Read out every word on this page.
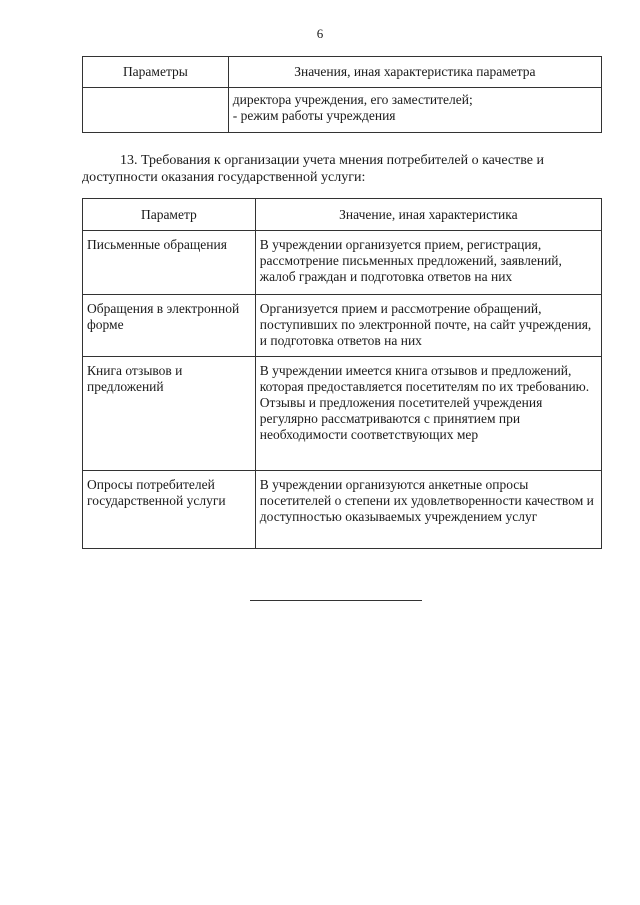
6
Параметры	Значения, иная характеристика параметра

	директора учреждения, его заместителей;
- режим работы учреждения
13. Требования к организации учета мнения потребителей о качестве и доступности оказания государственной услуги:
Параметр	Значение, иная характеристика
Письменные обращения	В учреждении организуется прием, регистрация, рассмотрение письменных предложений, заявлений, жалоб граждан и подготовка ответов на них
Обращения в электронной форме	Организуется прием и рассмотрение обращений, поступивших по электронной почте, на сайт учреждения, и подготовка ответов на них
Книга отзывов и предложений	В учреждении имеется книга отзывов и предложений, которая предоставляется посетителям по их требованию.
Отзывы и предложения посетителей учреждения регулярно рассматриваются с принятием при необходимости соответствующих мер

Опросы потребителей государственной услуги	В учреждении организуются анкетные опросы посетителей о степени их удовлетворенности качеством и доступностью оказываемых учреждением услуг
